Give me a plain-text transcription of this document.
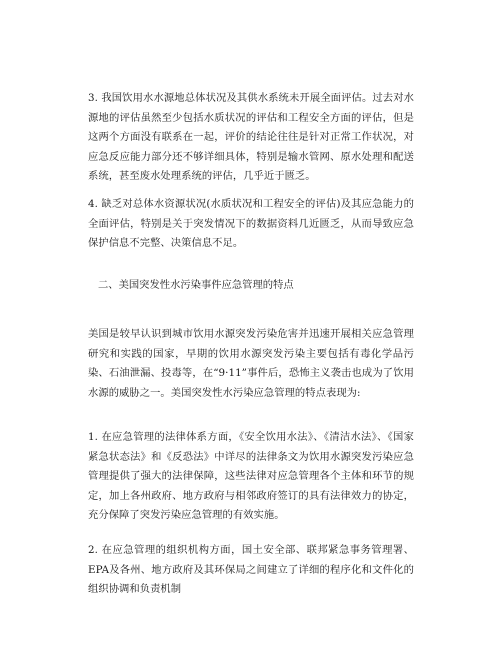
3. 我国饮用水水源地总体状况及其供水系统未开展全面评估。过去对水源地的评估虽然至少包括水质状况的评估和工程安全方面的评估，但是这两个方面没有联系在一起，评价的结论往往是针对正常工作状况，对应急反应能力部分还不够详细具体，特别是输水管网、原水处理和配送系统，甚至废水处理系统的评估，几乎近于匮乏。

4. 缺乏对总体水资源状况(水质状况和工程安全的评估)及其应急能力的全面评估，特别是关于突发情况下的数据资料几近匮乏，从而导致应急保护信息不完整、决策信息不足。

二、美国突发性水污染事件应急管理的特点

美国是较早认识到城市饮用水源突发污染危害并迅速开展相关应急管理研究和实践的国家，早期的饮用水源突发污染主要包括有毒化学品污染、石油泄漏、投毒等，在“9·11”事件后，恐怖主义袭击也成为了饮用水源的威胁之一。美国突发性水污染应急管理的特点表现为:

1. 在应急管理的法律体系方面，《安全饮用水法》、《清洁水法》、《国家紧急状态法》和《反恐法》中详尽的法律条文为饮用水源突发污染应急管理提供了强大的法律保障，这些法律对应急管理各个主体和环节的规定，加上各州政府、地方政府与相邻政府签订的具有法律效力的协定，充分保障了突发污染应急管理的有效实施。

2. 在应急管理的组织机构方面，国土安全部、联邦紧急事务管理署、EPA及各州、地方政府及其环保局之间建立了详细的程序化和文件化的组织协调和负责机制
